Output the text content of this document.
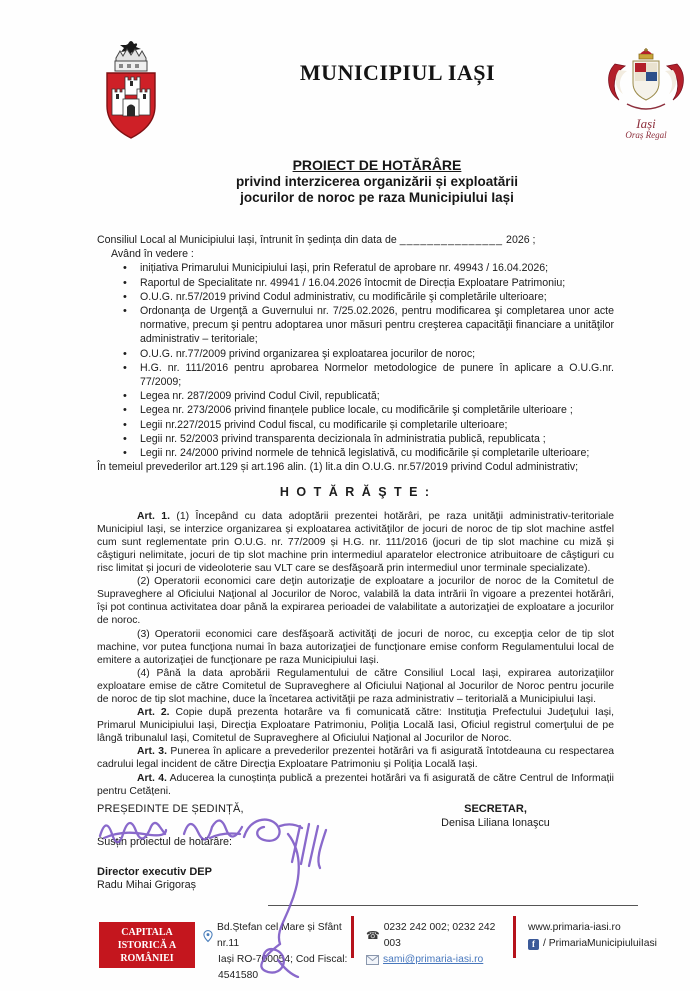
MUNICIPIUL IAȘI
Iași
Oraș Regal
PROIECT DE HOTĂRÂRE
privind interzicerea organizării și exploatării
jocurilor de noroc pe raza Municipiului Iași
Consiliul Local al Municipiului Iași, întrunit în ședința din data de _______________ 2026 ;
Având în vedere :
• inițiativa Primarului Municipiului Iași, prin Referatul de aprobare nr. 49943 / 16.04.2026;
• Raportul de Specialitate nr. 49941 / 16.04.2026 întocmit de Direcția Exploatare Patrimoniu;
• O.U.G. nr.57/2019 privind Codul administrativ, cu modificările şi completările ulterioare;
• Ordonanţa de Urgenţă a Guvernului nr. 7/25.02.2026, pentru modificarea şi completarea unor acte normative, precum şi pentru adoptarea unor măsuri pentru creşterea capacităţii financiare a unităţilor administrativ – teritoriale;
• O.U.G. nr.77/2009 privind organizarea şi exploatarea jocurilor de noroc;
• H.G. nr. 111/2016 pentru aprobarea Normelor metodologice de punere în aplicare a O.U.G.nr. 77/2009;
• Legea nr. 287/2009 privind Codul Civil, republicată;
• Legea nr. 273/2006 privind finanțele publice locale, cu modificările şi completările ulterioare ;
• Legii nr.227/2015 privind Codul fiscal, cu modificarile și completarile ulterioare;
• Legii nr. 52/2003 privind transparenta decizionala în administratia publică, republicata ;
• Legii nr. 24/2000 privind normele de tehnică legislativă, cu modificările și completarile ulterioare;
În temeiul prevederilor art.129 și art.196 alin. (1) lit.a din O.U.G. nr.57/2019 privind Codul administrativ;
H O T Ă R Ă Ş T E :

Art. 1. (1) Începând cu data adoptării prezentei hotărâri, pe raza unităţii administrativ-teritoriale Municipiul Iași, se interzice organizarea și exploatarea activităţilor de jocuri de noroc de tip slot machine astfel cum sunt reglementate prin O.U.G. nr. 77/2009 și H.G. nr. 111/2016 (jocuri de tip slot machine cu miză și câştiguri nelimitate, jocuri de tip slot machine prin intermediul aparatelor electronice atribuitoare de câştiguri cu risc limitat și jocuri de videoloterie sau VLT care se desfăşoară prin intermediul unor terminale specializate).

(2) Operatorii economici care deţin autorizaţie de exploatare a jocurilor de noroc de la Comitetul de Supraveghere al Oficiului Naţional al Jocurilor de Noroc, valabilă la data intrării în vigoare a prezentei hotărâri, își pot continua activitatea doar până la expirarea perioadei de valabilitate a autorizaţiei de exploatare a jocurilor de noroc.

(3) Operatorii economici care desfăşoară activităţi de jocuri de noroc, cu excepţia celor de tip slot machine, vor putea funcţiona numai în baza autorizaţiei de funcţionare emise conform Regulamentului local de emitere a autorizaţiei de funcţionare pe raza Municipiului Iași.

(4) Până la data aprobării Regulamentului de către Consiliul Local Iași, expirarea autorizaţiilor exploatare emise de către Comitetul de Supraveghere al Oficiului Naţional al Jocurilor de Noroc pentru jocurile de noroc de tip slot machine, duce la încetarea activităţii pe raza administrativ – teritorială a Municipiului Iași.

Art. 2. Copie după prezenta hotarâre va fi comunicată către: Instituţia Prefectului Judeţului Iași, Primarul Municipiului Iași, Direcţia Exploatare Patrimoniu, Poliţia Locală Iasi, Oficiul registrul comerţului de pe lângă tribunalul Iași, Comitetul de Supraveghere al Oficiului Naţional al Jocurilor de Noroc.

Art. 3. Punerea în aplicare a prevederilor prezentei hotărâri va fi asigurată întotdeauna cu respectarea cadrului legal incident de către Direcţia Exploatare Patrimoniu și Poliţia Locală Iași.

Art. 4. Aducerea la cunoștința publică a prezentei hotărâri va fi asigurată de către Centrul de Informații pentru Cetățeni.

PREȘEDINTE DE ȘEDINȚĂ,
Susțin proiectul de hotărâre:
Director executiv DEP
Radu Mihai Grigoraș
SECRETAR,
Denisa Liliana Ionaşcu
CAPITALA
ISTORICĂ A
ROMÂNIEI
Bd.Ștefan cel Mare și Sfânt nr.11
Iași RO-700054; Cod Fiscal: 4541580
☎
0232 242 002; 0232 242 003
sami@primaria-iasi.ro
www.primaria-iasi.ro
f / PrimariaMunicipiuluiIasi
